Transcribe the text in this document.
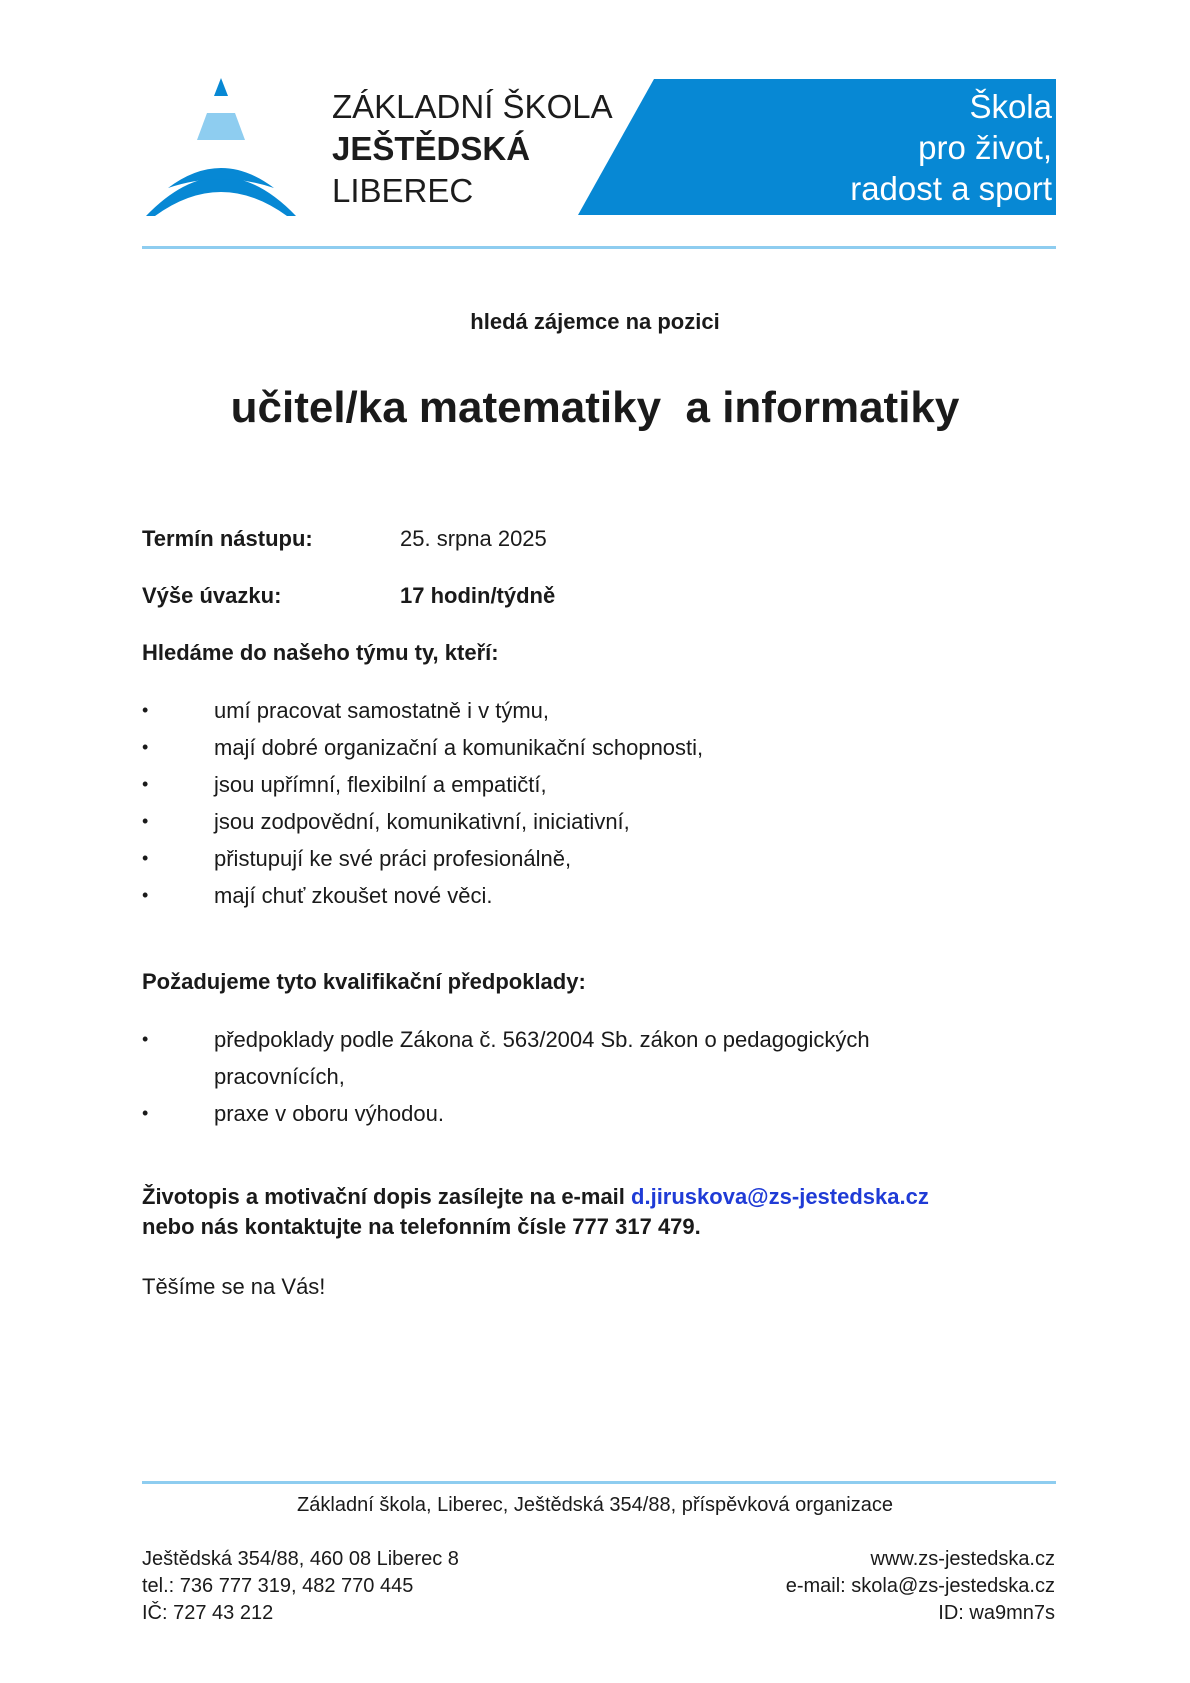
ZÁKLADNÍ ŠKOLA
JEŠTĚDSKÁ
LIBEREC
Škola
pro život,
radost a sport
hledá zájemce na pozici
učitel/ka matematiky  a informatiky
Termín nástupu:	25. srpna 2025
Výše úvazku:	17 hodin/týdně
Hledáme do našeho týmu ty, kteří:
• umí pracovat samostatně i v týmu,
• mají dobré organizační a komunikační schopnosti,
• jsou upřímní, flexibilní a empatičtí,
• jsou zodpovědní, komunikativní, iniciativní,
• přistupují ke své práci profesionálně,
• mají chuť zkoušet nové věci.
Požadujeme tyto kvalifikační předpoklady:
• předpoklady podle Zákona č. 563/2004 Sb. zákon o pedagogických pracovnících,
• praxe v oboru výhodou.
Životopis a motivační dopis zasílejte na e-mail d.jiruskova@zs-jestedska.cz
nebo nás kontaktujte na telefonním čísle 777 317 479.
Těšíme se na Vás!
Základní škola, Liberec, Ještědská 354/88, příspěvková organizace
Ještědská 354/88, 460 08 Liberec 8
tel.: 736 777 319, 482 770 445
IČ: 727 43 212
www.zs-jestedska.cz
e-mail: skola@zs-jestedska.cz
ID: wa9mn7s
